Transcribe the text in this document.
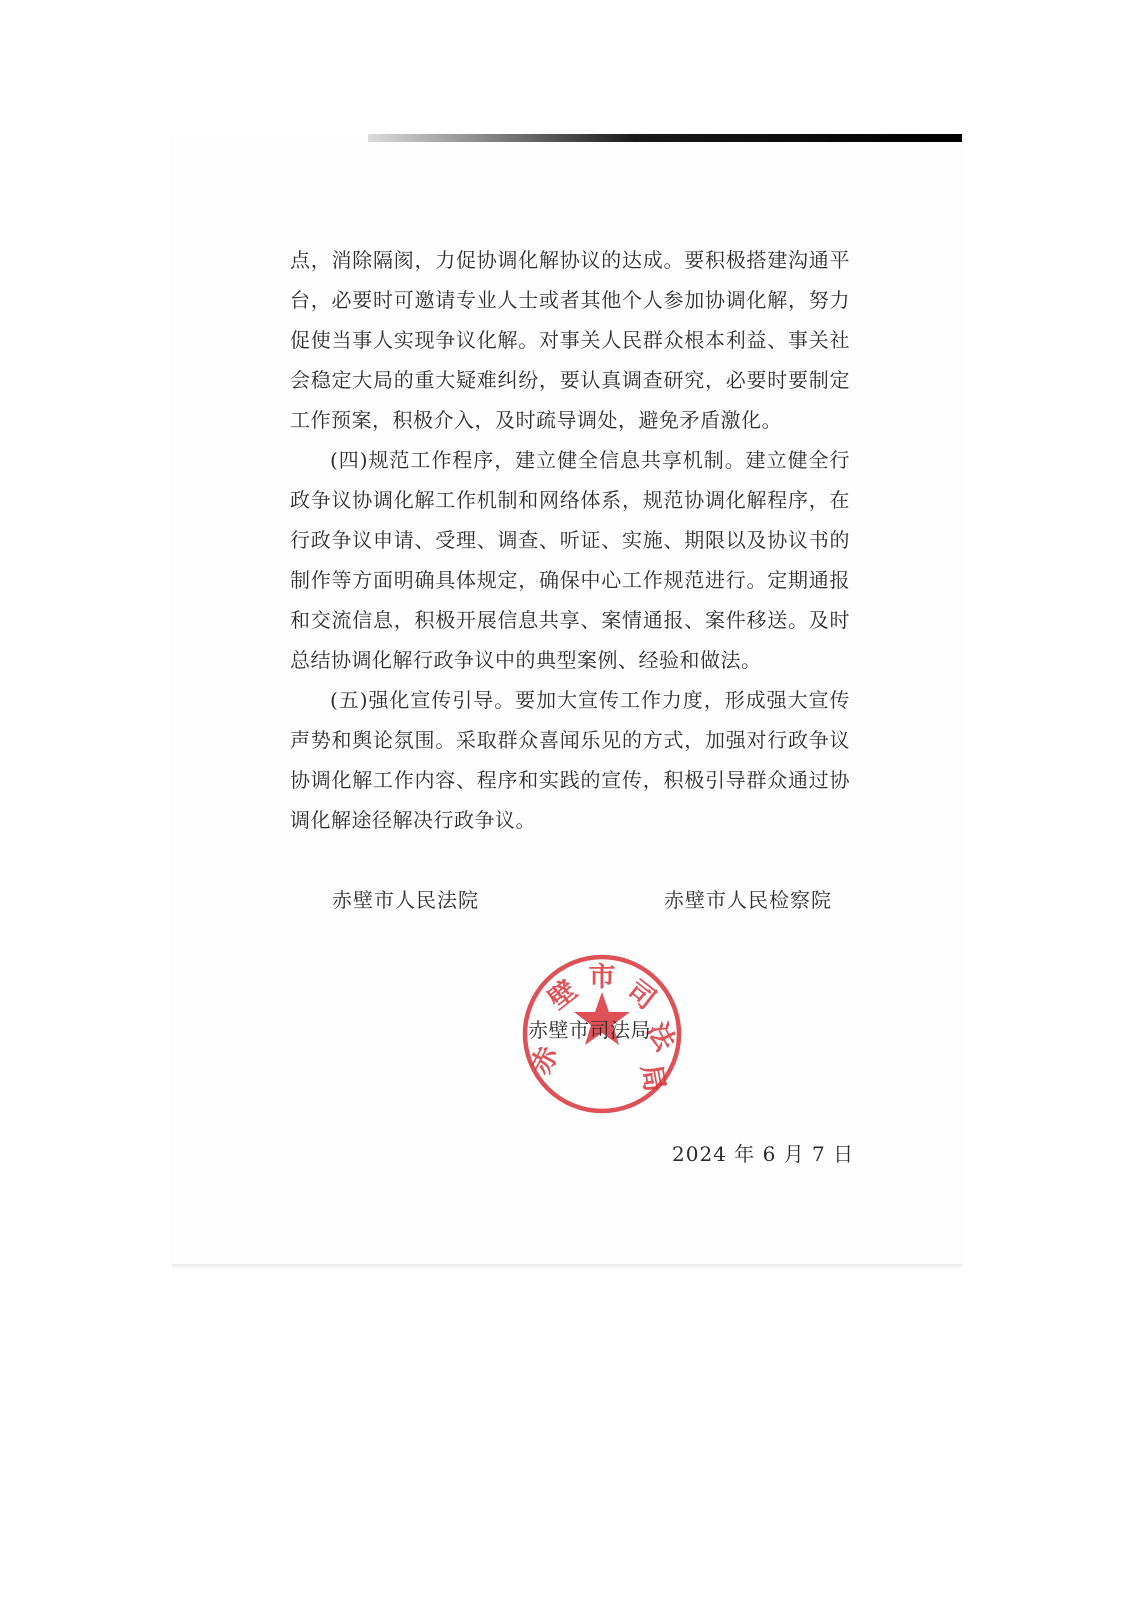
点，消除隔阂，力促协调化解协议的达成。要积极搭建沟通平台，必要时可邀请专业人士或者其他个人参加协调化解，努力促使当事人实现争议化解。对事关人民群众根本利益、事关社会稳定大局的重大疑难纠纷，要认真调查研究，必要时要制定工作预案，积极介入，及时疏导调处，避免矛盾激化。

(四)规范工作程序，建立健全信息共享机制。建立健全行政争议协调化解工作机制和网络体系，规范协调化解程序，在行政争议申请、受理、调查、听证、实施、期限以及协议书的制作等方面明确具体规定，确保中心工作规范进行。定期通报和交流信息，积极开展信息共享、案情通报、案件移送。及时总结协调化解行政争议中的典型案例、经验和做法。

(五)强化宣传引导。要加大宣传工作力度，形成强大宣传声势和舆论氛围。采取群众喜闻乐见的方式，加强对行政争议协调化解工作内容、程序和实践的宣传，积极引导群众通过协调化解途径解决行政争议。

赤壁市人民法院	赤壁市人民检察院
赤
壁 市 司
法
局
赤壁市司法局
2024 年 6 月 7 日
